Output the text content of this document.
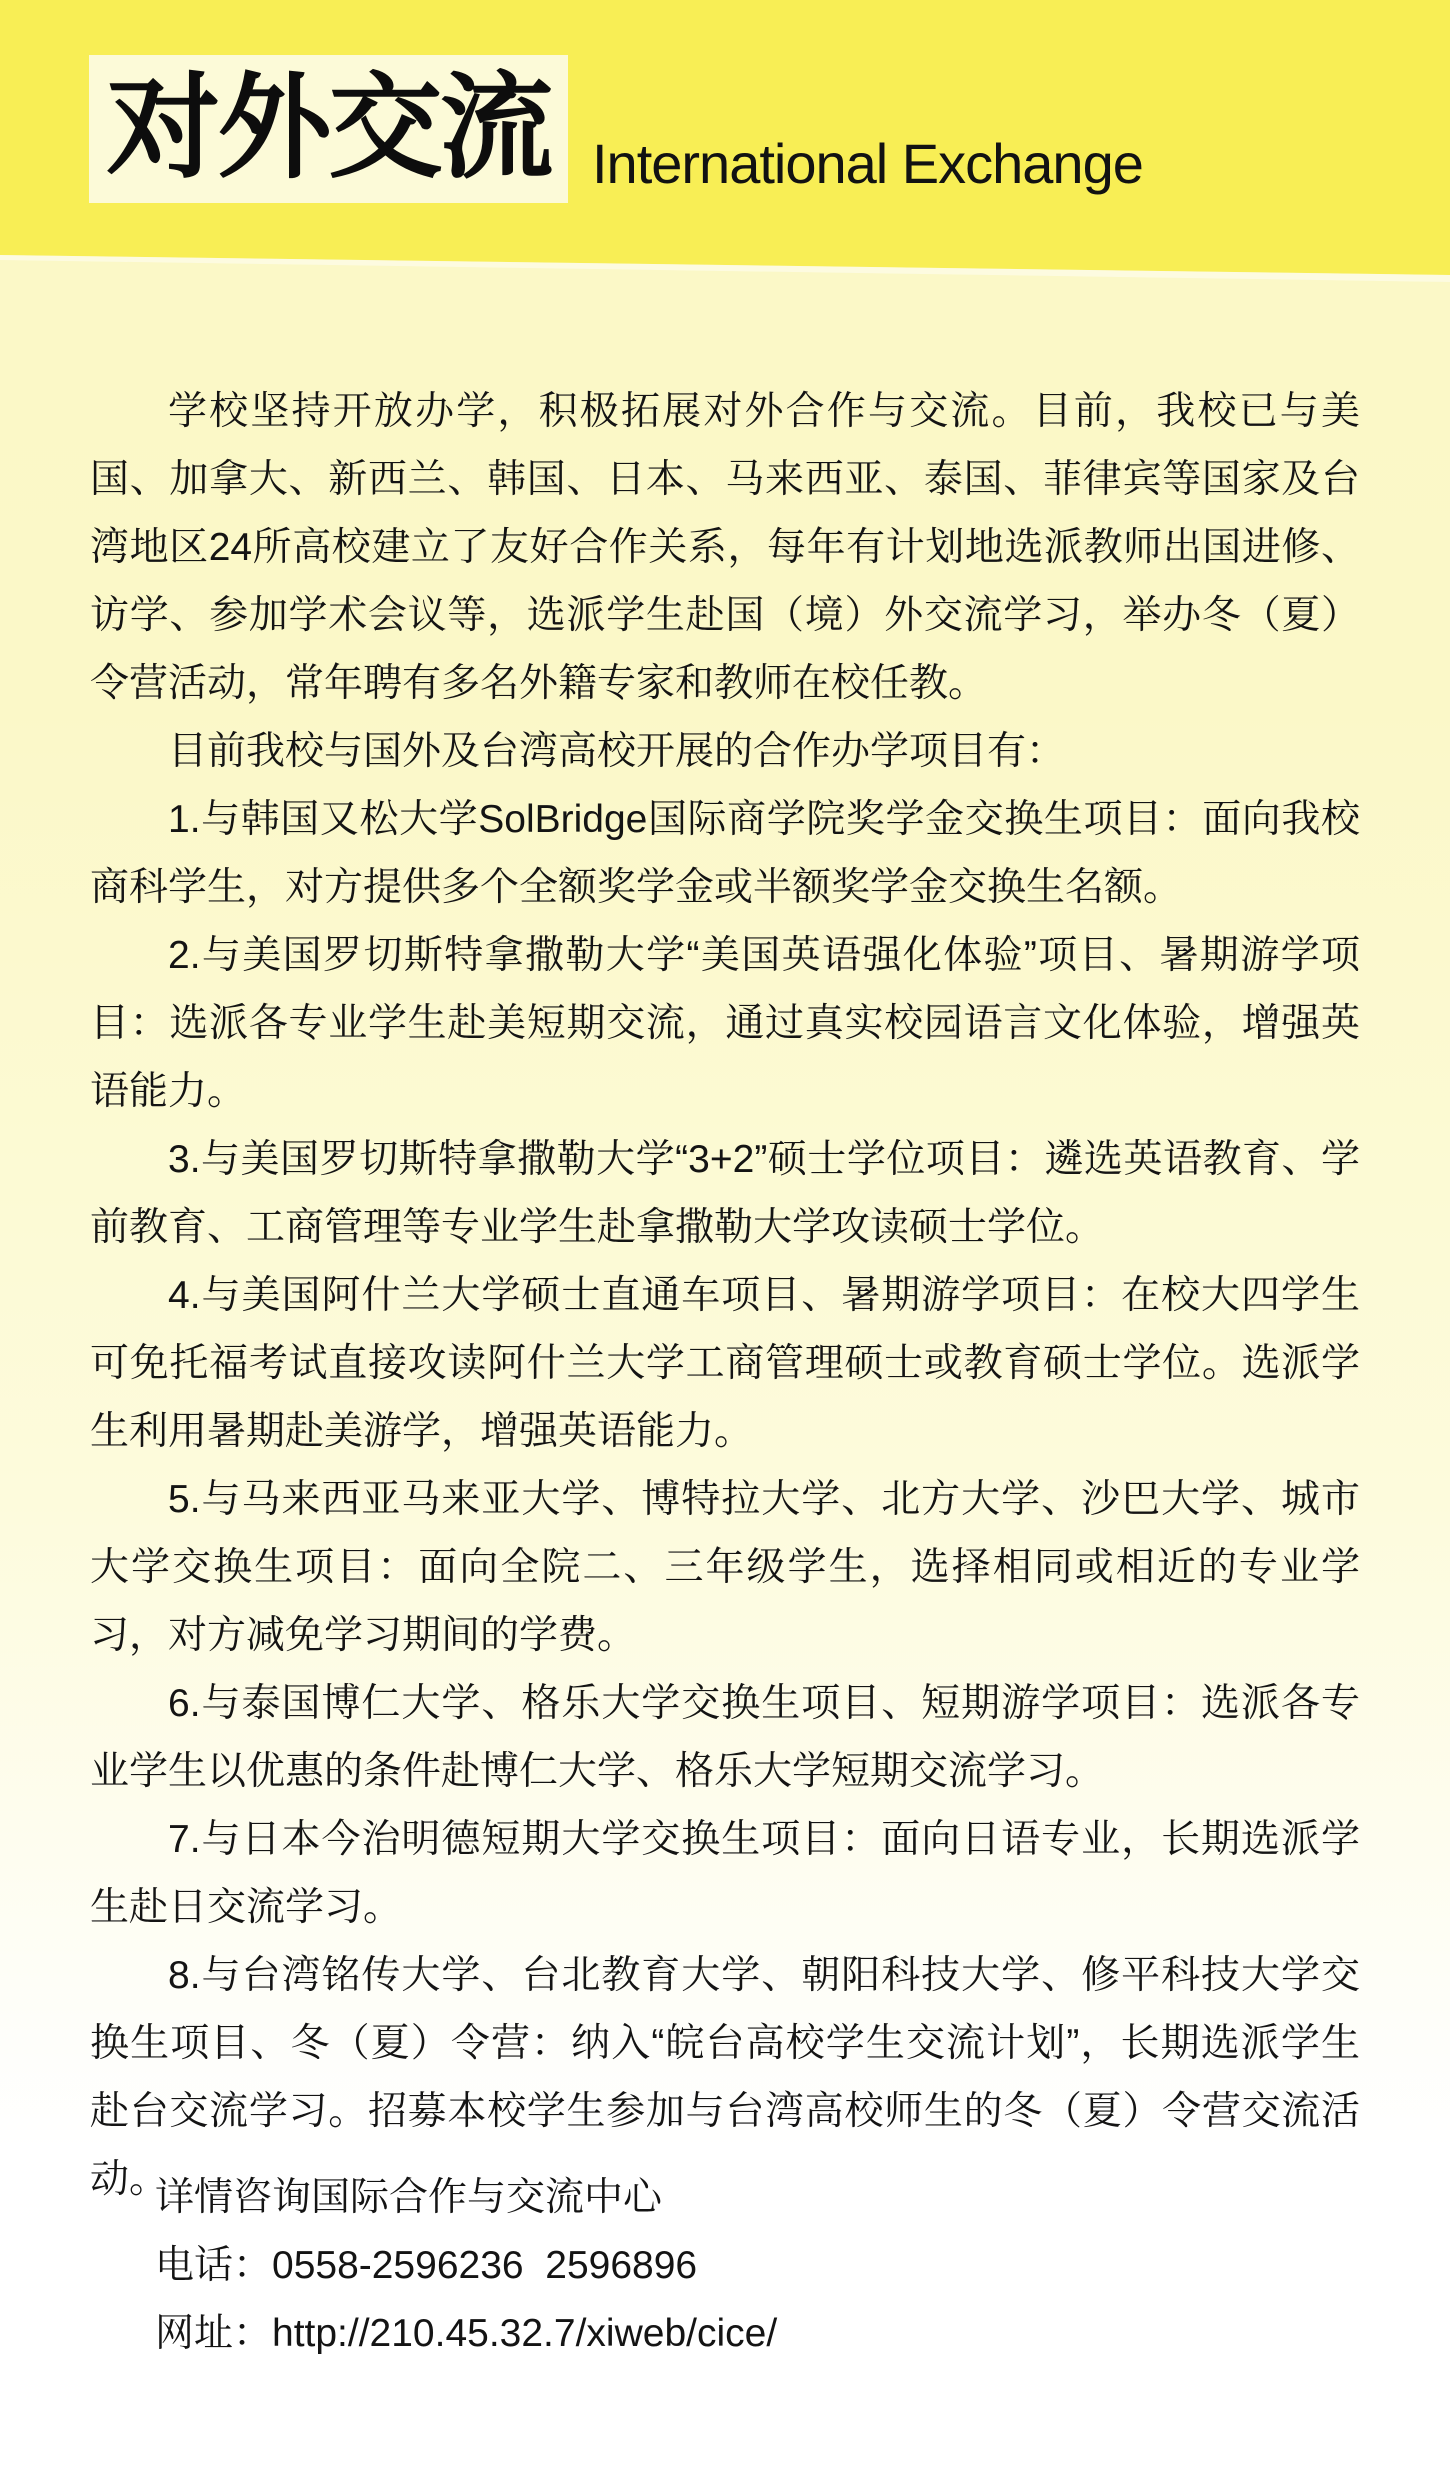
对外交流 International Exchange

学校坚持开放办学，积极拓展对外合作与交流。目前，我校已与美国、加拿大、新西兰、韩国、日本、马来西亚、泰国、菲律宾等国家及台湾地区24所高校建立了友好合作关系，每年有计划地选派教师出国进修、访学、参加学术会议等，选派学生赴国（境）外交流学习，举办冬（夏）令营活动，常年聘有多名外籍专家和教师在校任教。

目前我校与国外及台湾高校开展的合作办学项目有：

1.与韩国又松大学SolBridge国际商学院奖学金交换生项目：面向我校商科学生，对方提供多个全额奖学金或半额奖学金交换生名额。

2.与美国罗切斯特拿撒勒大学“美国英语强化体验”项目、暑期游学项目：选派各专业学生赴美短期交流，通过真实校园语言文化体验，增强英语能力。

3.与美国罗切斯特拿撒勒大学“3+2”硕士学位项目：遴选英语教育、学前教育、工商管理等专业学生赴拿撒勒大学攻读硕士学位。

4.与美国阿什兰大学硕士直通车项目、暑期游学项目：在校大四学生可免托福考试直接攻读阿什兰大学工商管理硕士或教育硕士学位。选派学生利用暑期赴美游学，增强英语能力。

5.与马来西亚马来亚大学、博特拉大学、北方大学、沙巴大学、城市大学交换生项目：面向全院二、三年级学生，选择相同或相近的专业学习，对方减免学习期间的学费。

6.与泰国博仁大学、格乐大学交换生项目、短期游学项目：选派各专业学生以优惠的条件赴博仁大学、格乐大学短期交流学习。

7.与日本今治明德短期大学交换生项目：面向日语专业，长期选派学生赴日交流学习。

8.与台湾铭传大学、台北教育大学、朝阳科技大学、修平科技大学交换生项目、冬（夏）令营：纳入“皖台高校学生交流计划”，长期选派学生赴台交流学习。招募本校学生参加与台湾高校师生的冬（夏）令营交流活动。

详情咨询国际合作与交流中心
电话：0558-2596236  2596896
网址：http://210.45.32.7/xiweb/cice/
